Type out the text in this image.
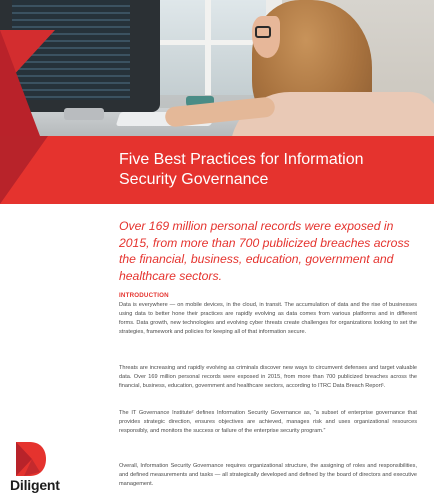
Five Best Practices for Information
Security Governance

Over 169 million personal records were exposed in 2015, from more than 700 publicized breaches across the financial, business, education, government and healthcare sectors.

INTRODUCTION

Data is everywhere — on mobile devices, in the cloud, in transit. The accumulation of data and the rise of businesses using data to better hone their practices are rapidly evolving as data comes from various platforms and in different forms. Data growth, new technologies and evolving cyber threats create challenges for organizations looking to set the strategies, framework and policies for keeping all of that information secure.

Threats are increasing and rapidly evolving as criminals discover new ways to circumvent defenses and target valuable data. Over 169 million personal records were exposed in 2015, from more than 700 publicized breaches across the financial, business, education, government and healthcare sectors, according to ITRC Data Breach Report¹.

The IT Governance Institute² defines Information Security Governance as, “a subset of enterprise governance that provides strategic direction, ensures objectives are achieved, manages risk and uses organizational resources responsibly, and monitors the success or failure of the enterprise security program.”

Overall, Information Security Governance requires organizational structure, the assigning of roles and responsibilities, and defined measurements and tasks — all strategically developed and defined by the board of directors and executive management.

Diligent
